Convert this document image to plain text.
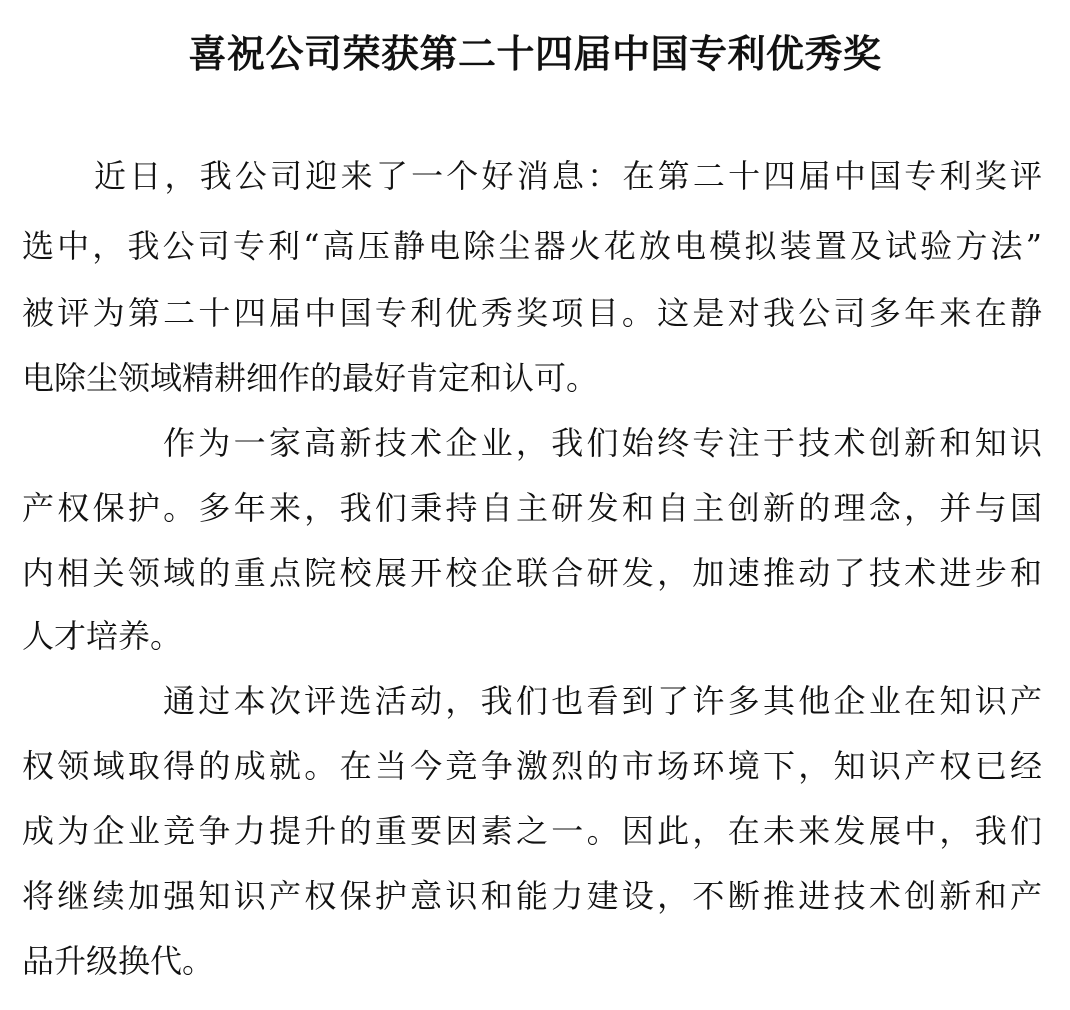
喜祝公司荣获第二十四届中国专利优秀奖
近日，我公司迎来了一个好消息：在第二十四届中国专利奖评
选中，我公司专利“高压静电除尘器火花放电模拟装置及试验方法”
被评为第二十四届中国专利优秀奖项目。这是对我公司多年来在静
电除尘领域精耕细作的最好肯定和认可。
作为一家高新技术企业，我们始终专注于技术创新和知识
产权保护。多年来，我们秉持自主研发和自主创新的理念，并与国
内相关领域的重点院校展开校企联合研发，加速推动了技术进步和
人才培养。
通过本次评选活动，我们也看到了许多其他企业在知识产
权领域取得的成就。在当今竞争激烈的市场环境下，知识产权已经
成为企业竞争力提升的重要因素之一。因此，在未来发展中，我们
将继续加强知识产权保护意识和能力建设，不断推进技术创新和产
品升级换代。
